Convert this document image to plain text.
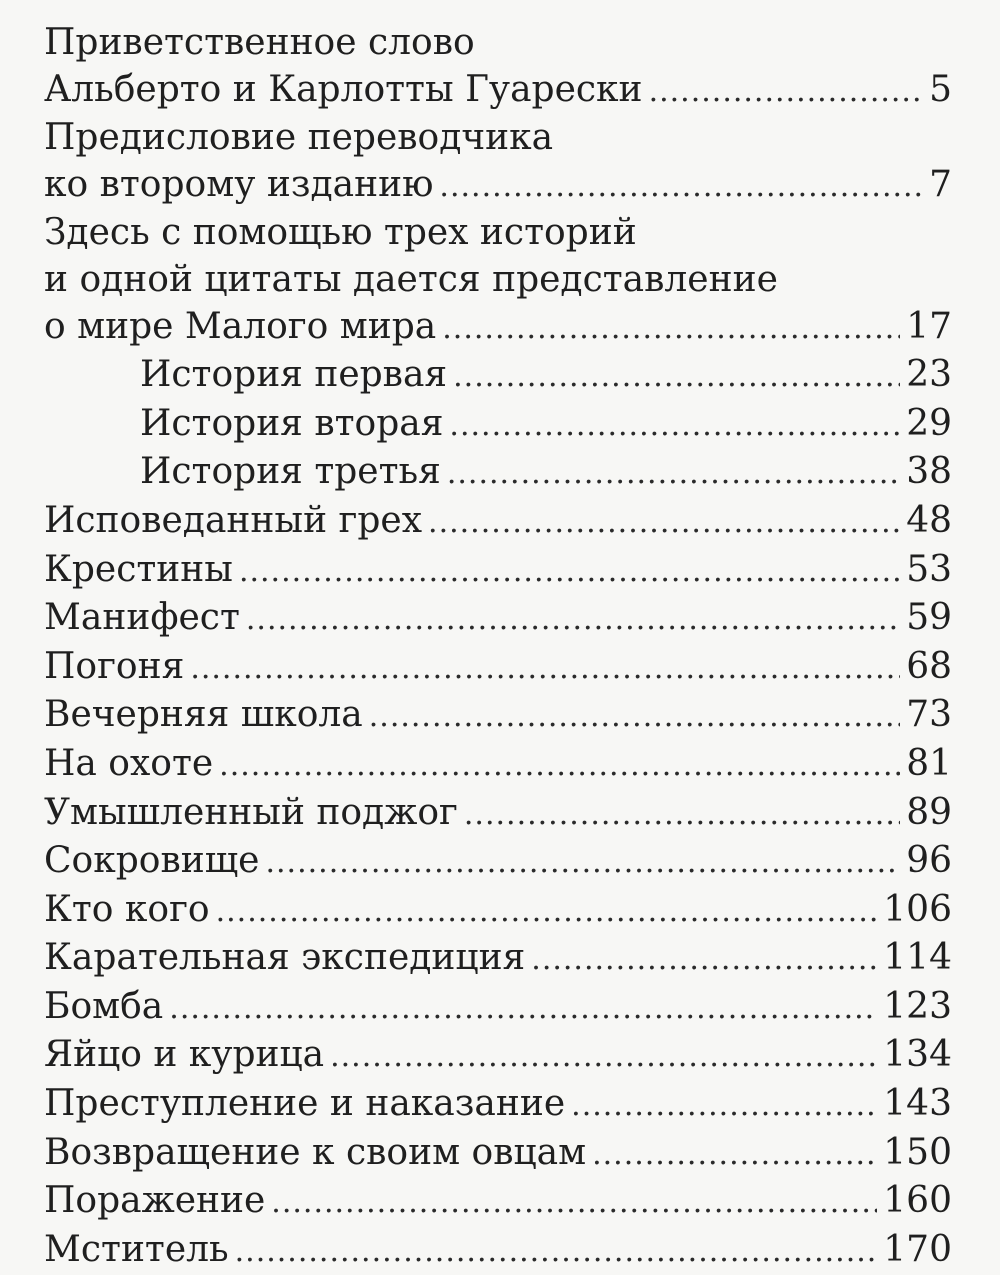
Приветственное слово
Альберто и Карлотты Гуарески .....	5
Предисловие переводчика
ко второму изданию .....	7
Здесь с помощью трех историй
и одной цитаты дается представление
о мире Малого мира .....	17
История первая .....	23
История вторая .....	29
История третья .....	38
Исповеданный грех .....	48
Крестины .....	53
Манифест .....	59
Погоня .....	68
Вечерняя школа .....	73
На охоте .....	81
Умышленный поджог .....	89
Сокровище .....	96
Кто кого .....	106
Карательная экспедиция .....	114
Бомба .....	123
Яйцо и курица .....	134
Преступление и наказание .....	143
Возвращение к своим овцам .....	150
Поражение .....	160
Мститель .....	170
